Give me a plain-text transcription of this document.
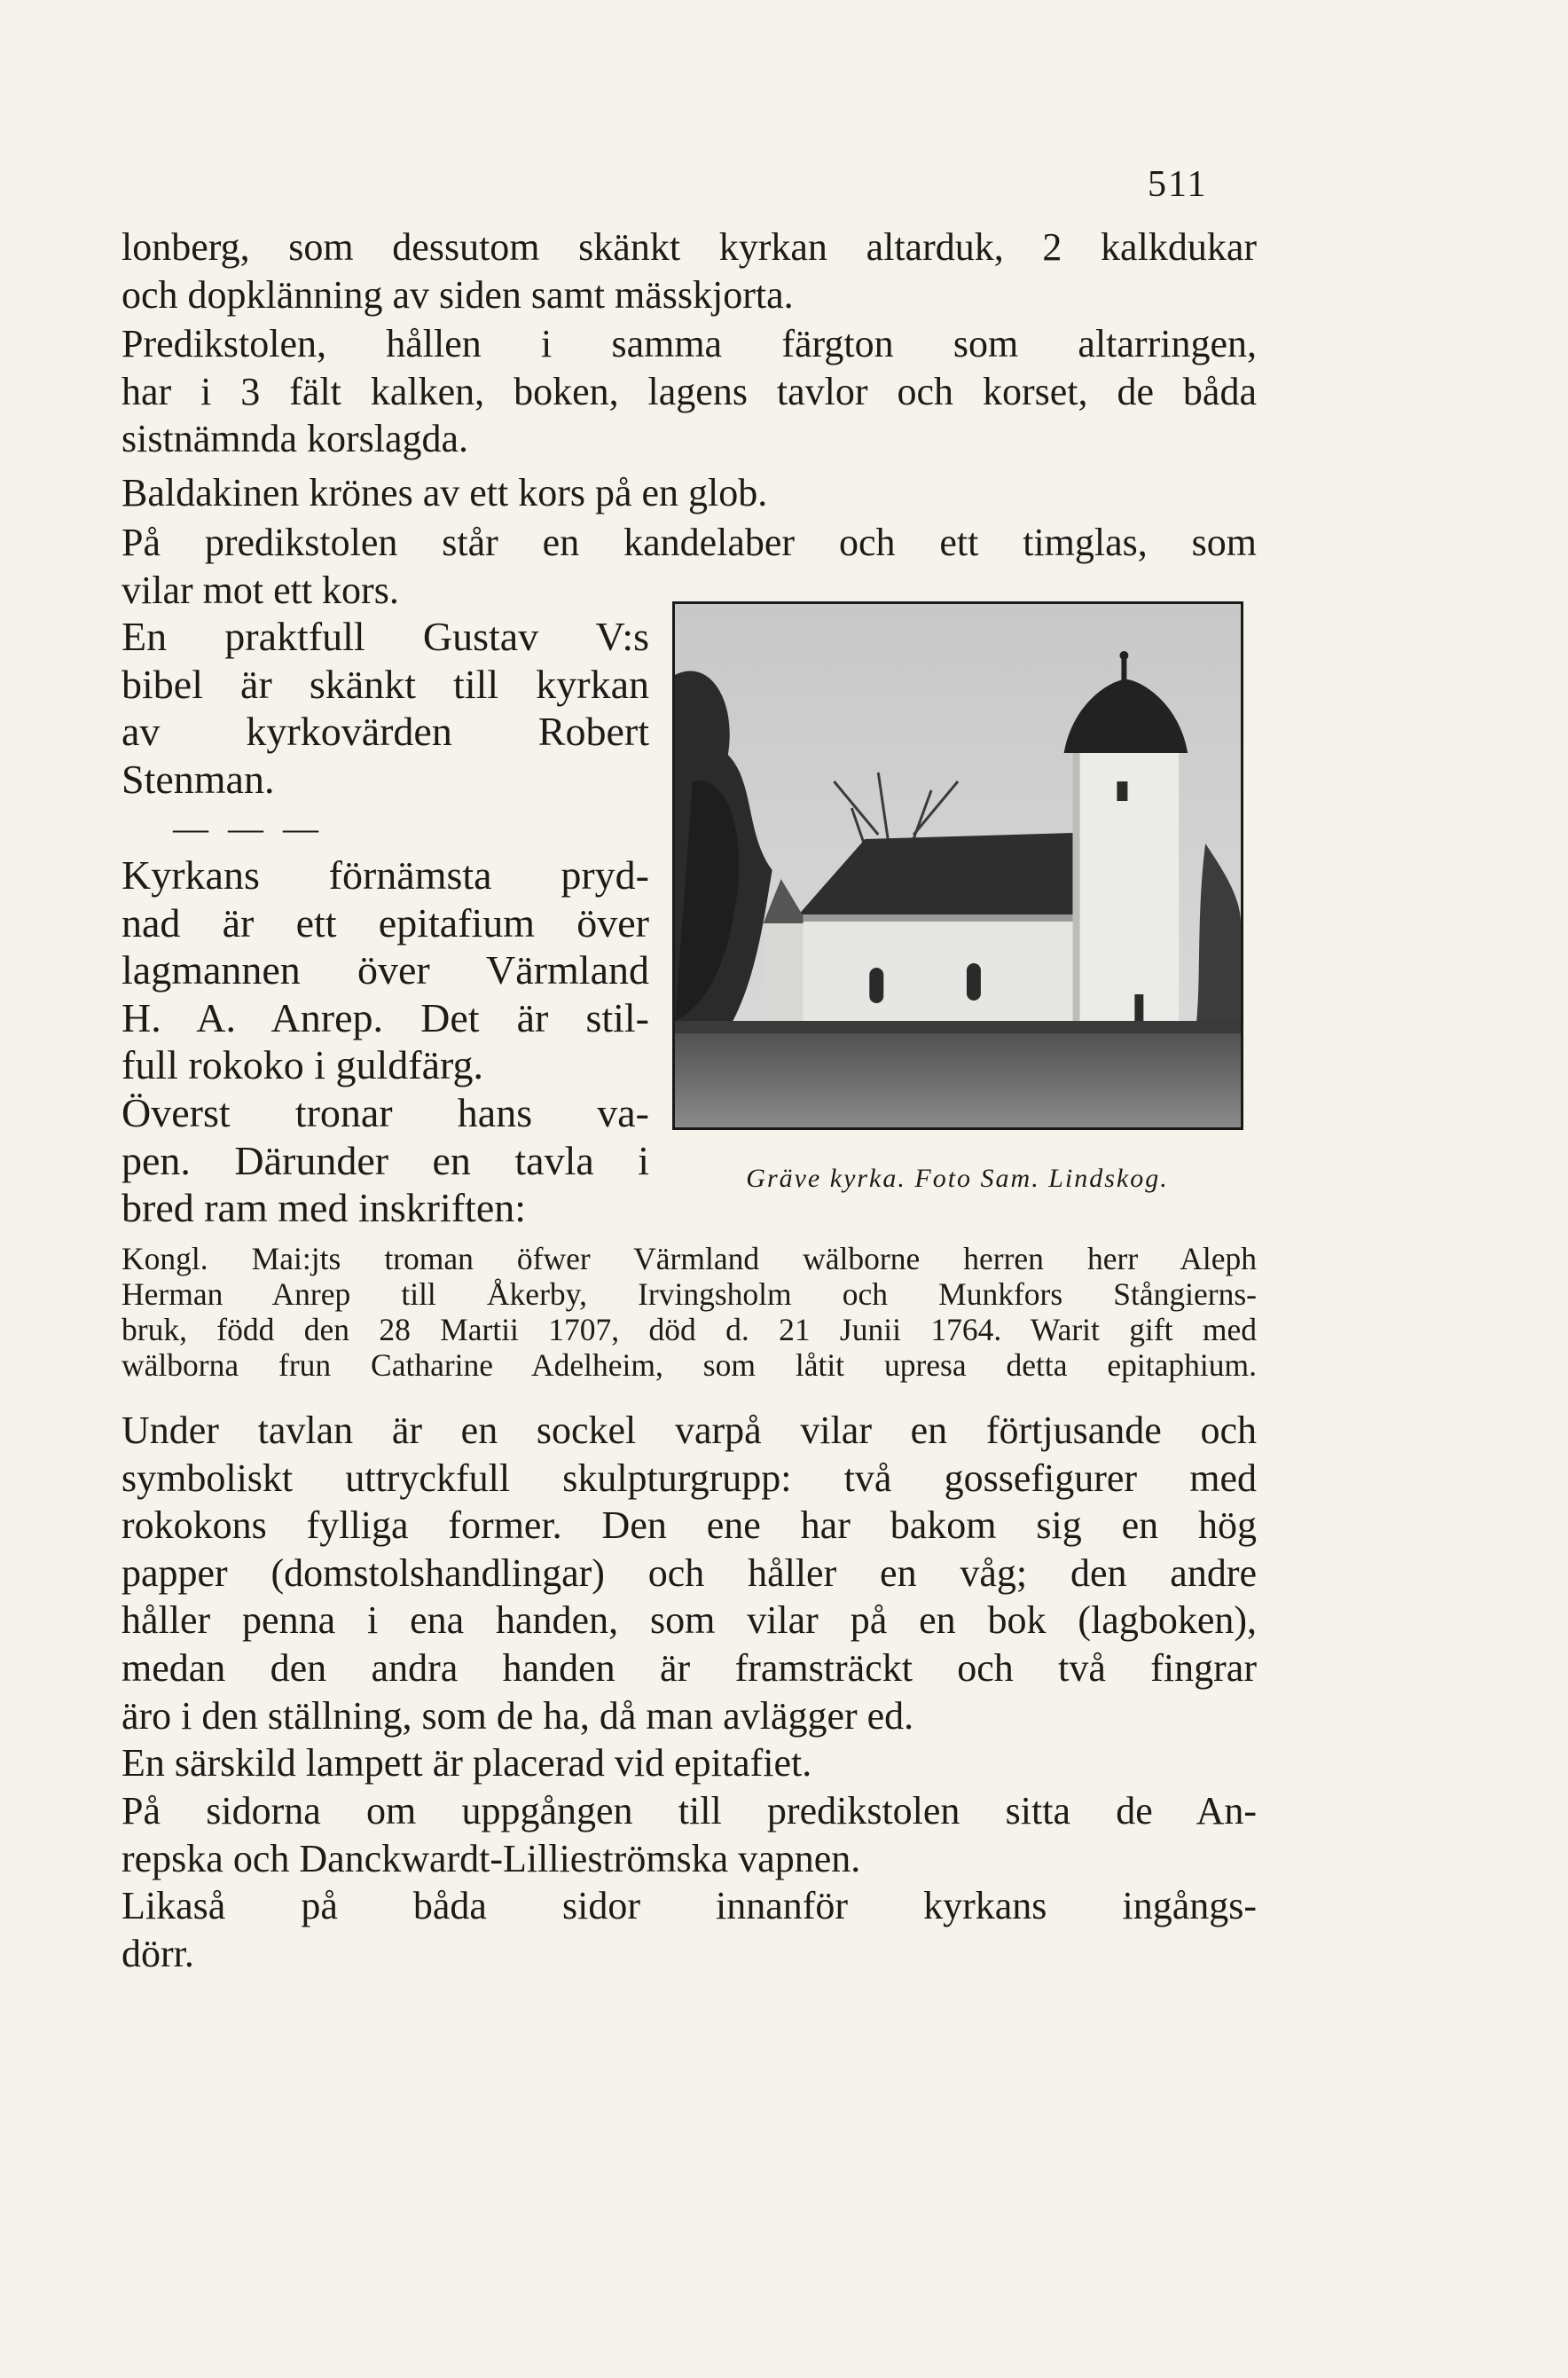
511
lonberg, som dessutom skänkt kyrkan altarduk, 2 kalkdukar
och dopklänning av siden samt mässkjorta.
Predikstolen, hållen i samma färgton som altarringen,
har i 3 fält kalken, boken, lagens tavlor och korset, de båda
sistnämnda korslagda.
Baldakinen krönes av ett kors på en glob.
På predikstolen står en kandelaber och ett timglas, som
vilar mot ett kors.
En praktfull Gustav V:s
bibel är skänkt till kyrkan
av kyrkovärden Robert
Stenman.
— — —
Kyrkans förnämsta pryd-
nad är ett epitafium över
lagmannen över Värmland
H. A. Anrep. Det är stil-
full rokoko i guldfärg.
Överst tronar hans va-
pen. Därunder en tavla i
bred ram med inskriften:
Gräve kyrka. Foto Sam. Lindskog.
Kongl. Mai:jts troman öfwer Värmland wälborne herren herr Aleph
Herman Anrep till Åkerby, Irvingsholm och Munkfors Stångierns-
bruk, född den 28 Martii 1707, död d. 21 Junii 1764. Warit gift med
wälborna frun Catharine Adelheim, som låtit upresa detta epitaphium.
Under tavlan är en sockel varpå vilar en förtjusande och
symboliskt uttryckfull skulpturgrupp: två gossefigurer med
rokokons fylliga former. Den ene har bakom sig en hög
papper (domstolshandlingar) och håller en våg; den andre
håller penna i ena handen, som vilar på en bok (lagboken),
medan den andra handen är framsträckt och två fingrar
äro i den ställning, som de ha, då man avlägger ed.
En särskild lampett är placerad vid epitafiet.
På sidorna om uppgången till predikstolen sitta de An-
repska och Danckwardt-Lillieströmska vapnen.
Likaså på båda sidor innanför kyrkans ingångs-
dörr.
